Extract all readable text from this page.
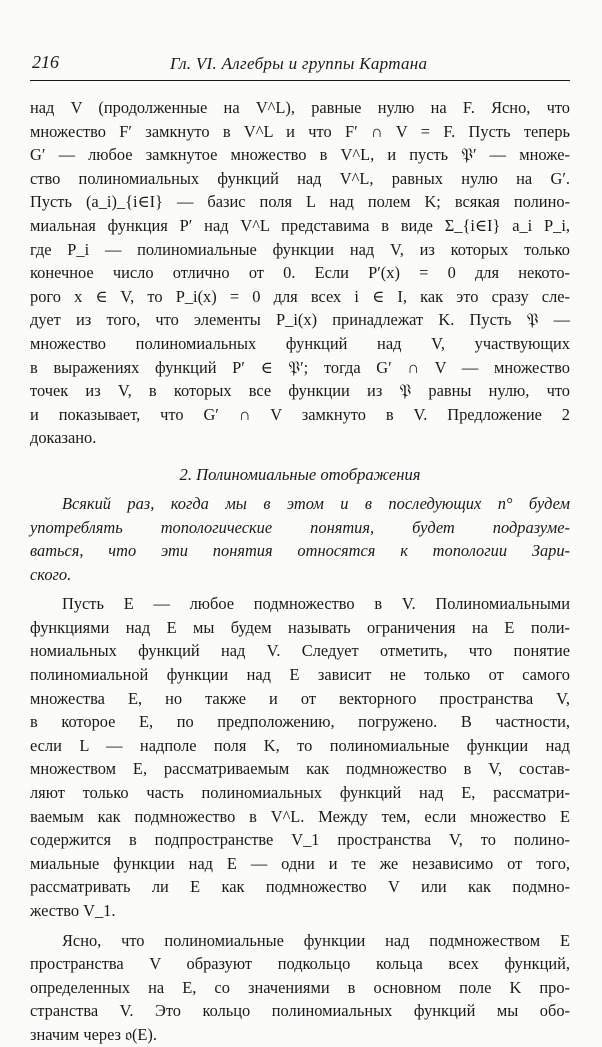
216	Гл. VI. Алгебры и группы Картана
над V (продолженные на V^L), равные нулю на F. Ясно, что
множество F′ замкнуто в V^L и что F′ ∩ V = F. Пусть теперь
G′ — любое замкнутое множество в V^L, и пусть 𝔓′ — множе-
ство полиномиальных функций над V^L, равных нулю на G′.
Пусть (a_i)_{i∈I} — базис поля L над полем K; всякая полино-
миальная функция P′ над V^L представима в виде Σ_{i∈I} a_i P_i,
где P_i — полиномиальные функции над V, из которых только
конечное число отлично от 0. Если P′(x) = 0 для некото-
рого x ∈ V, то P_i(x) = 0 для всех i ∈ I, как это сразу сле-
дует из того, что элементы P_i(x) принадлежат K. Пусть 𝔓 —
множество полиномиальных функций над V, участвующих
в выражениях функций P′ ∈ 𝔓′; тогда G′ ∩ V — множество
точек из V, в которых все функции из 𝔓 равны нулю, что
и показывает, что G′ ∩ V замкнуто в V. Предложение 2
доказано.
2. Полиномиальные отображения
Всякий раз, когда мы в этом и в последующих n° будем
употреблять топологические понятия, будет подразуме-
ваться, что эти понятия относятся к топологии Зари-
ского.
Пусть E — любое подмножество в V. Полиномиальными
функциями над E мы будем называть ограничения на E поли-
номиальных функций над V. Следует отметить, что понятие
полиномиальной функции над E зависит не только от самого
множества E, но также и от векторного пространства V,
в которое E, по предположению, погружено. В частности,
если L — надполе поля K, то полиномиальные функции над
множеством E, рассматриваемым как подмножество в V, состав-
ляют только часть полиномиальных функций над E, рассматри-
ваемым как подмножество в V^L. Между тем, если множество E
содержится в подпространстве V_1 пространства V, то полино-
миальные функции над E — одни и те же независимо от того,
рассматривать ли E как подмножество V или как подмно-
жество V_1.
Ясно, что полиномиальные функции над подмножеством E
пространства V образуют подкольцо кольца всех функций,
определенных на E, со значениями в основном поле K про-
странства V. Это кольцо полиномиальных функций мы обо-
значим через 𝔬(E).
